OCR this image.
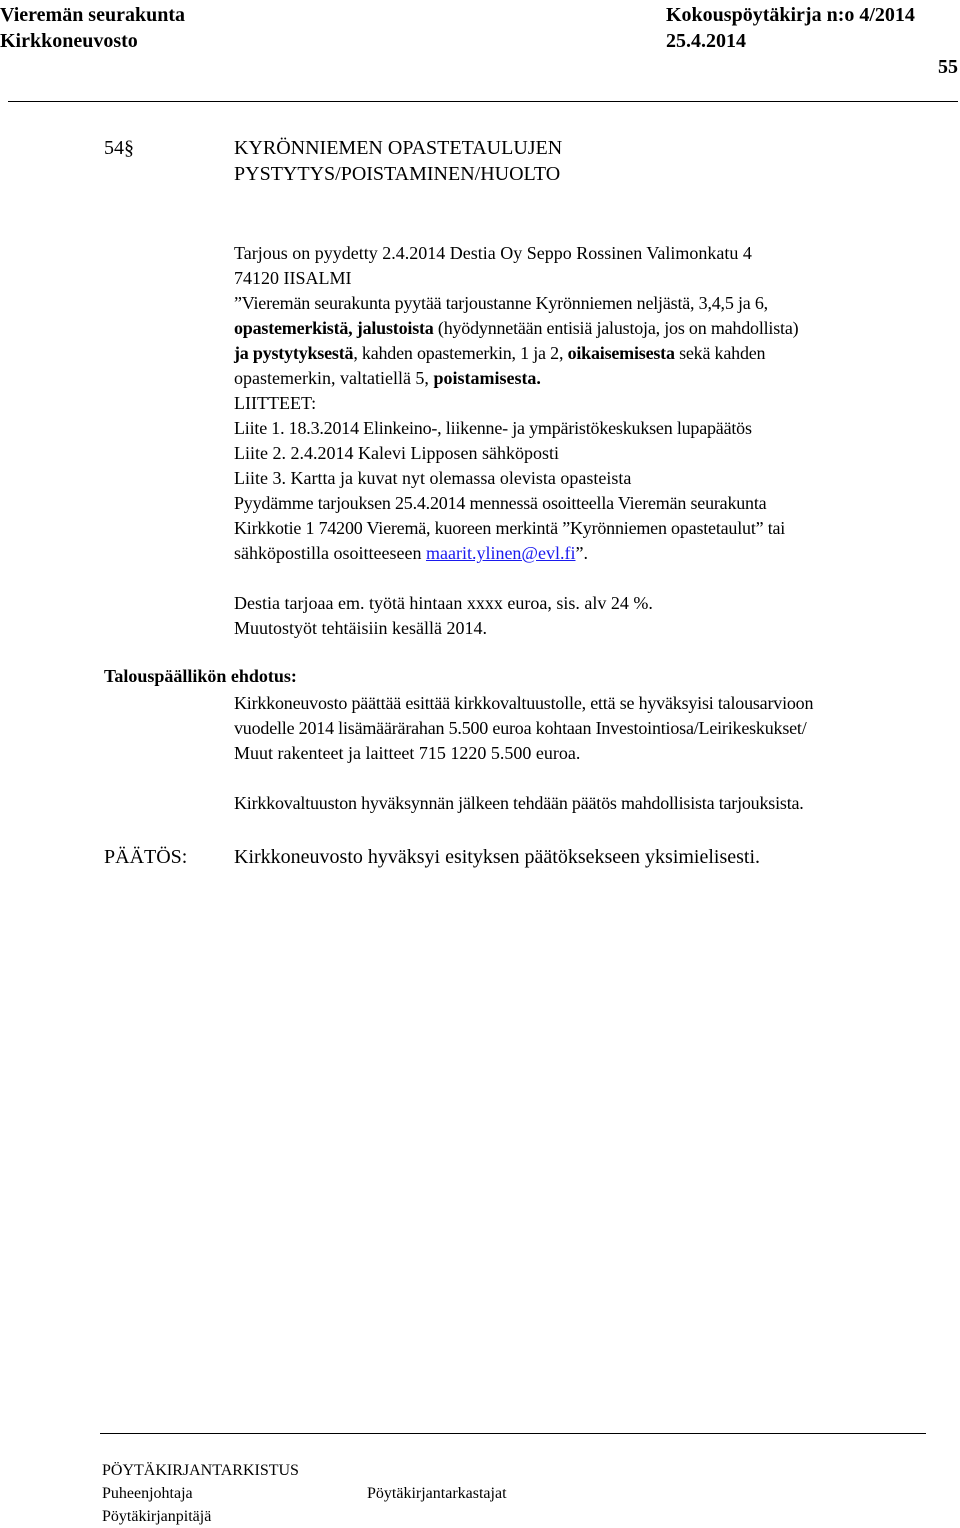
Vieremän seurakunta
Kirkkoneuvosto
Kokouspöytäkirja n:o 4/2014
25.4.2014
55
54§	KYRÖNNIEMEN OPASTETAULUJEN
PYSTYTYS/POISTAMINEN/HUOLTO
Tarjous on pyydetty 2.4.2014 Destia Oy Seppo Rossinen Valimonkatu 4
74120 IISALMI
”Vieremän seurakunta pyytää tarjoustanne Kyrönniemen neljästä, 3,4,5 ja 6,
opastemerkistä, jalustoista (hyödynnetään entisiä jalustoja, jos on mahdollista)
ja pystytyksestä, kahden opastemerkin, 1 ja 2, oikaisemisesta sekä kahden
opastemerkin, valtatiellä 5, poistamisesta.
LIITTEET:
Liite 1. 18.3.2014 Elinkeino-, liikenne- ja ympäristökeskuksen lupapäätös
Liite 2. 2.4.2014 Kalevi Lipposen sähköposti
Liite 3. Kartta ja kuvat nyt olemassa olevista opasteista
Pyydämme tarjouksen 25.4.2014 mennessä osoitteella Vieremän seurakunta
Kirkkotie 1 74200 Vieremä, kuoreen merkintä ”Kyrönniemen opastetaulut” tai
sähköpostilla osoitteeseen maarit.ylinen@evl.fi”.
Destia tarjoaa em. työtä hintaan xxxx euroa, sis. alv 24 %.
Muutostyöt tehtäisiin kesällä 2014.
Talouspäällikön ehdotus:
Kirkkoneuvosto päättää esittää kirkkovaltuustolle, että se hyväksyisi talousarvioon
vuodelle 2014 lisämäärärahan 5.500 euroa kohtaan Investointiosa/Leirikeskukset/
Muut rakenteet ja laitteet 715 1220 5.500 euroa.
Kirkkovaltuuston hyväksynnän jälkeen tehdään päätös mahdollisista tarjouksista.
PÄÄTÖS: Kirkkoneuvosto hyväksyi esityksen päätöksekseen yksimielisesti.
PÖYTÄKIRJANTARKISTUS
Puheenjohtaja	Pöytäkirjantarkastajat
Pöytäkirjanpitäjä
